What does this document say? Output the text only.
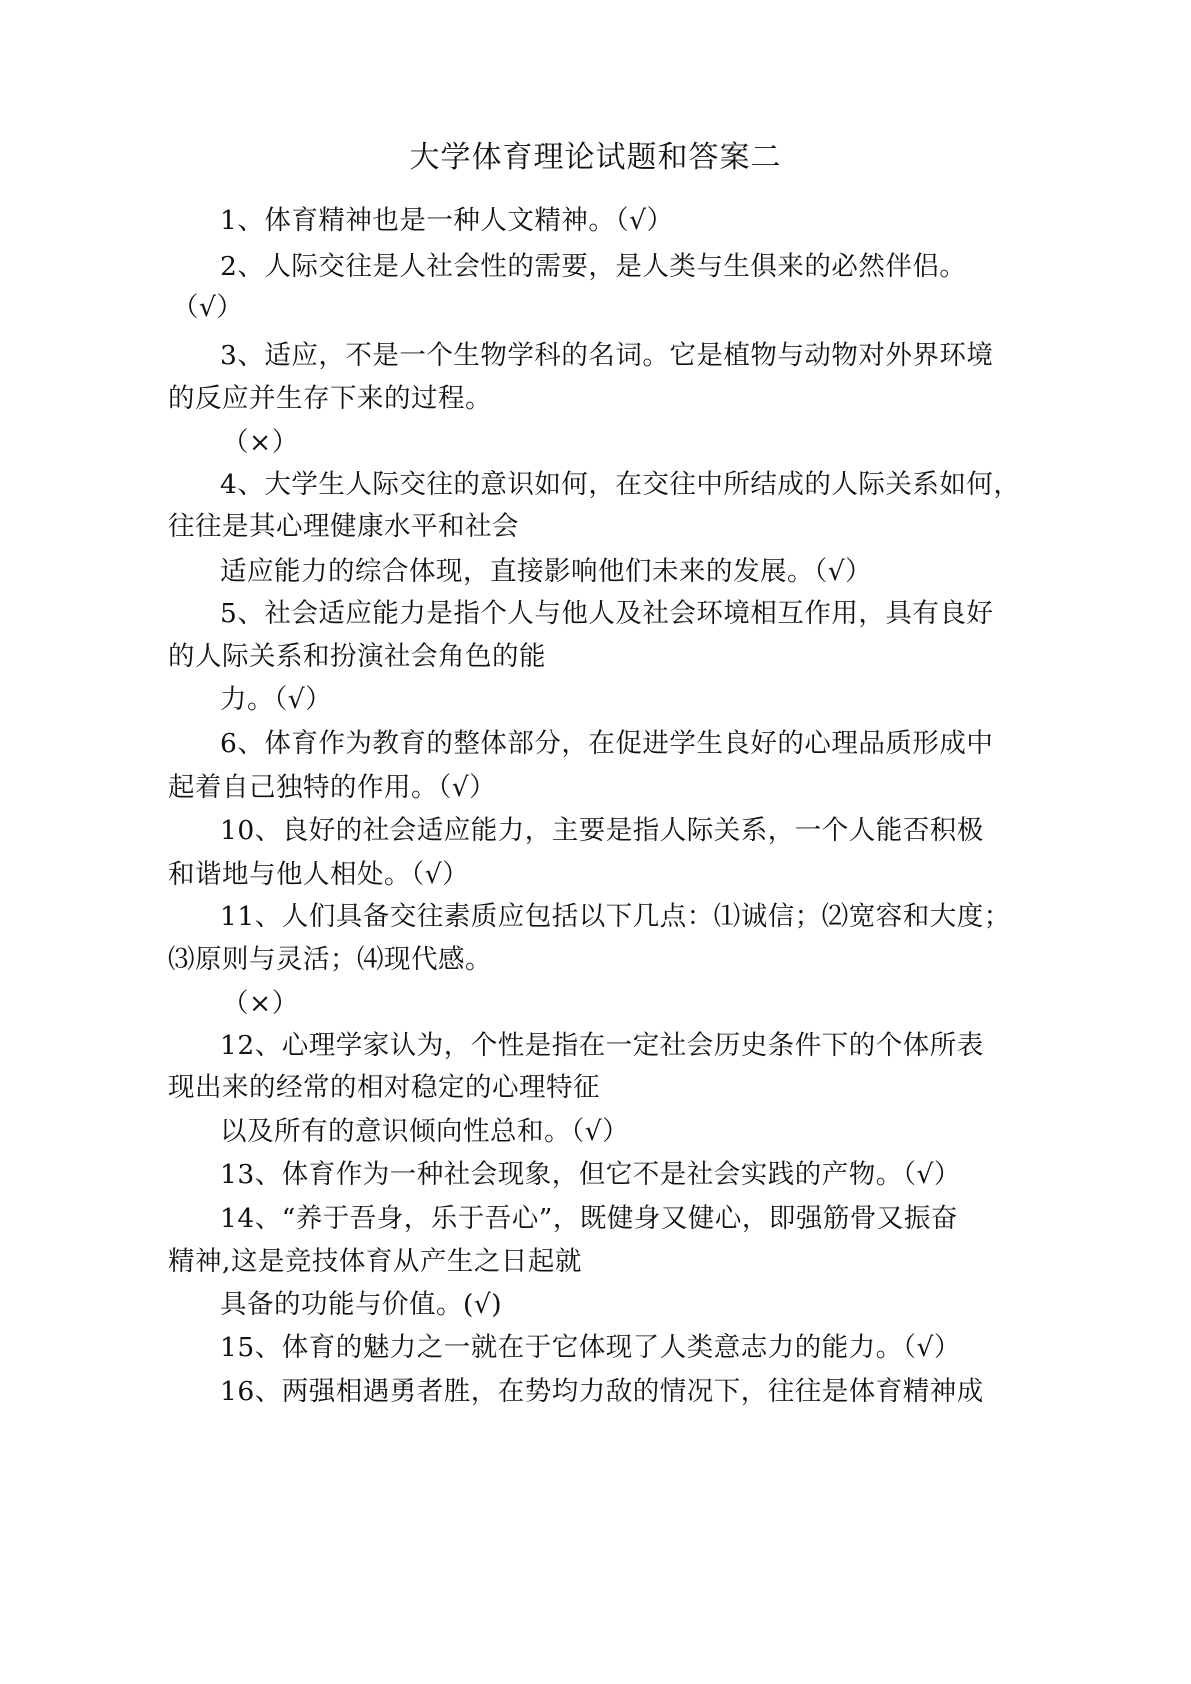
大学体育理论试题和答案二
1、体育精神也是一种人文精神。（√）
2、人际交往是人社会性的需要，是人类与生俱来的必然伴侣。
（√）
3、适应，不是一个生物学科的名词。它是植物与动物对外界环境
的反应并生存下来的过程。
（×）
4、大学生人际交往的意识如何，在交往中所结成的人际关系如何，
往往是其心理健康水平和社会
适应能力的综合体现，直接影响他们未来的发展。（√）
5、社会适应能力是指个人与他人及社会环境相互作用，具有良好
的人际关系和扮演社会角色的能
力。（√）
6、体育作为教育的整体部分，在促进学生良好的心理品质形成中
起着自己独特的作用。（√）
10、良好的社会适应能力，主要是指人际关系，一个人能否积极
和谐地与他人相处。（√）
11、人们具备交往素质应包括以下几点：⑴诚信；⑵宽容和大度；
⑶原则与灵活；⑷现代感。
（×）
12、心理学家认为，个性是指在一定社会历史条件下的个体所表
现出来的经常的相对稳定的心理特征
以及所有的意识倾向性总和。（√）
13、体育作为一种社会现象，但它不是社会实践的产物。（√）
14、“养于吾身，乐于吾心”，既健身又健心，即强筋骨又振奋
精神,这是竞技体育从产生之日起就
具备的功能与价值。(√)
15、体育的魅力之一就在于它体现了人类意志力的能力。（√）
16、两强相遇勇者胜，在势均力敌的情况下，往往是体育精神成
